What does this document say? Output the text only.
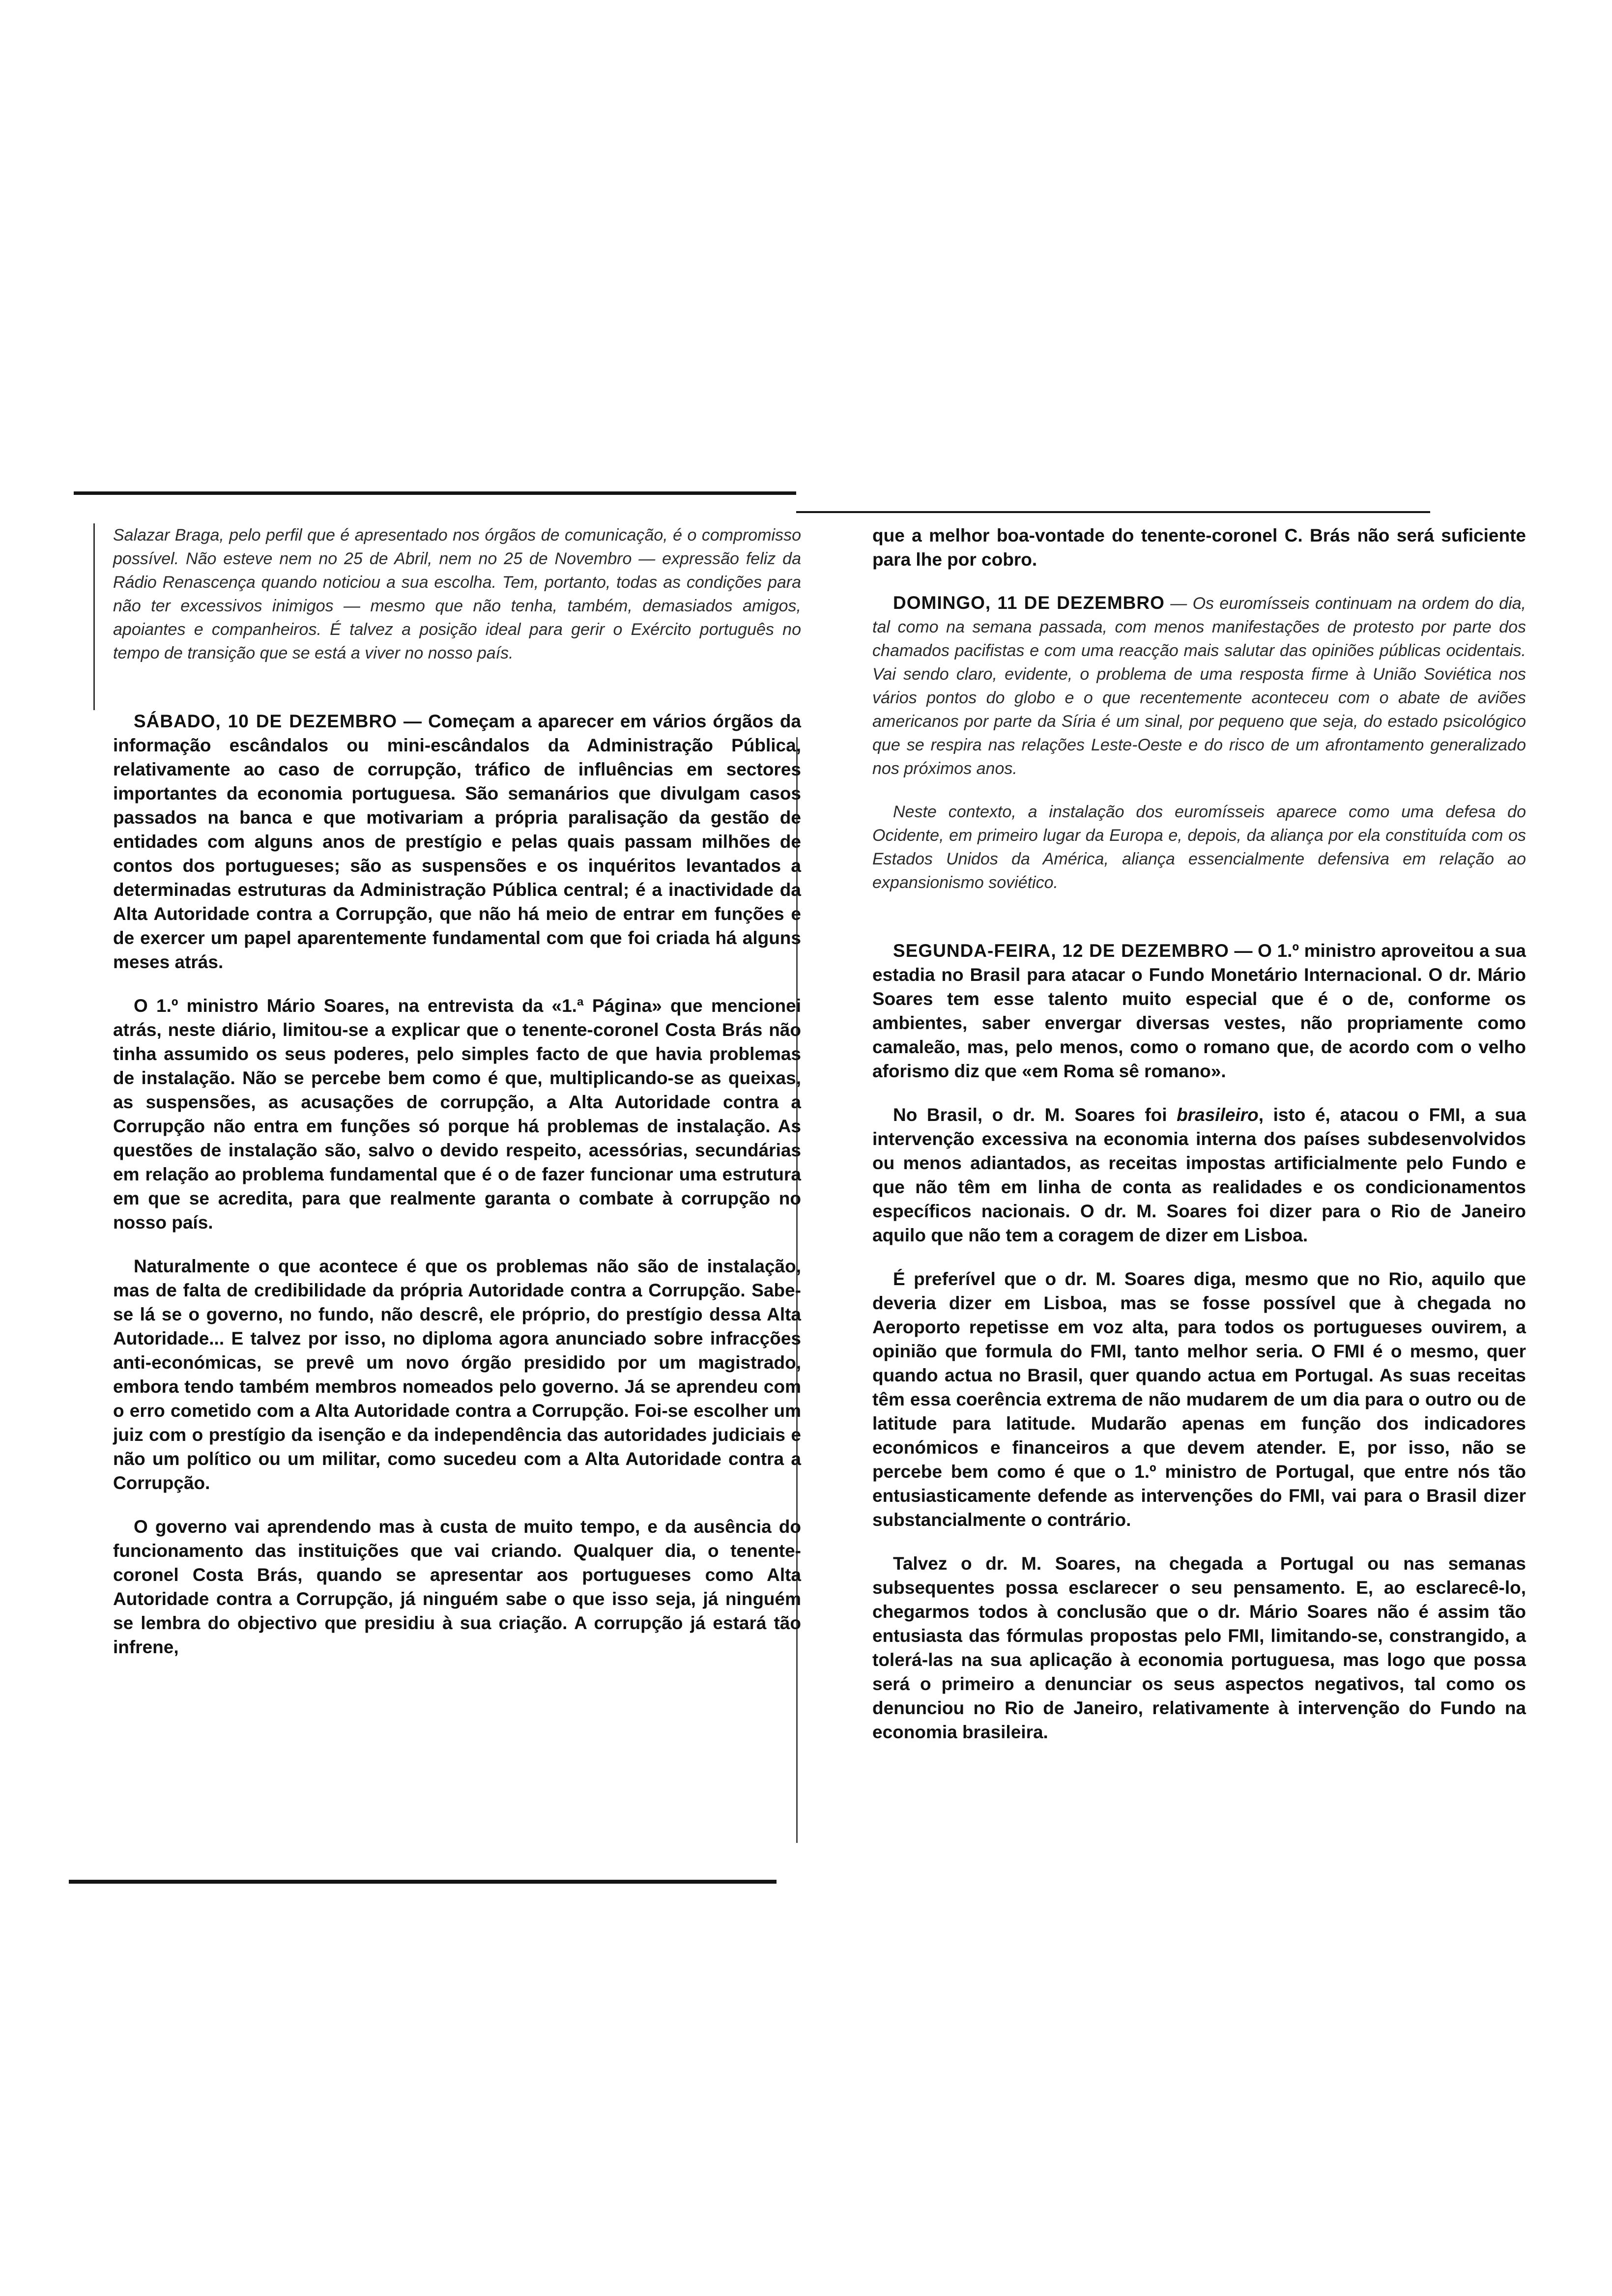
Salazar Braga, pelo perfil que é apresentado nos órgãos de comunicação, é o compromisso possível. Não esteve nem no 25 de Abril, nem no 25 de Novembro — expressão feliz da Rádio Renascença quando noticiou a sua escolha. Tem, portanto, todas as condições para não ter excessivos inimigos — mesmo que não tenha, também, demasiados amigos, apoiantes e companheiros. É talvez a posição ideal para gerir o Exército português no tempo de transição que se está a viver no nosso país.

SÁBADO, 10 DE DEZEMBRO — Começam a aparecer em vários órgãos da informação escândalos ou mini-escândalos da Administração Pública, relativamente ao caso de corrupção, tráfico de influências em sectores importantes da economia portuguesa. São semanários que divulgam casos passados na banca e que motivariam a própria paralisação da gestão de entidades com alguns anos de prestígio e pelas quais passam milhões de contos dos portugueses; são as suspensões e os inquéritos levantados a determinadas estruturas da Administração Pública central; é a inactividade da Alta Autoridade contra a Corrupção, que não há meio de entrar em funções e de exercer um papel aparentemente fundamental com que foi criada há alguns meses atrás.

O 1.º ministro Mário Soares, na entrevista da «1.ª Página» que mencionei atrás, neste diário, limitou-se a explicar que o tenente-coronel Costa Brás não tinha assumido os seus poderes, pelo simples facto de que havia problemas de instalação. Não se percebe bem como é que, multiplicando-se as queixas, as suspensões, as acusações de corrupção, a Alta Autoridade contra a Corrupção não entra em funções só porque há problemas de instalação. As questões de instalação são, salvo o devido respeito, acessórias, secundárias em relação ao problema fundamental que é o de fazer funcionar uma estrutura em que se acredita, para que realmente garanta o combate à corrupção no nosso país.

Naturalmente o que acontece é que os problemas não são de instalação, mas de falta de credibilidade da própria Autoridade contra a Corrupção. Sabe-se lá se o governo, no fundo, não descrê, ele próprio, do prestígio dessa Alta Autoridade... E talvez por isso, no diploma agora anunciado sobre infracções anti-económicas, se prevê um novo órgão presidido por um magistrado, embora tendo também membros nomeados pelo governo. Já se aprendeu com o erro cometido com a Alta Autoridade contra a Corrupção. Foi-se escolher um juiz com o prestígio da isenção e da independência das autoridades judiciais e não um político ou um militar, como sucedeu com a Alta Autoridade contra a Corrupção.

O governo vai aprendendo mas à custa de muito tempo, e da ausência do funcionamento das instituições que vai criando. Qualquer dia, o tenente-coronel Costa Brás, quando se apresentar aos portugueses como Alta Autoridade contra a Corrupção, já ninguém sabe o que isso seja, já ninguém se lembra do objectivo que presidiu à sua criação. A corrupção já estará tão infrene,

que a melhor boa-vontade do tenente-coronel C. Brás não será suficiente para lhe por cobro.

DOMINGO, 11 DE DEZEMBRO — Os euromísseis continuam na ordem do dia, tal como na semana passada, com menos manifestações de protesto por parte dos chamados pacifistas e com uma reacção mais salutar das opiniões públicas ocidentais. Vai sendo claro, evidente, o problema de uma resposta firme à União Soviética nos vários pontos do globo e o que recentemente aconteceu com o abate de aviões americanos por parte da Síria é um sinal, por pequeno que seja, do estado psicológico que se respira nas relações Leste-Oeste e do risco de um afrontamento generalizado nos próximos anos.

Neste contexto, a instalação dos euromísseis aparece como uma defesa do Ocidente, em primeiro lugar da Europa e, depois, da aliança por ela constituída com os Estados Unidos da América, aliança essencialmente defensiva em relação ao expansionismo soviético.

SEGUNDA-FEIRA, 12 DE DEZEMBRO — O 1.º ministro aproveitou a sua estadia no Brasil para atacar o Fundo Monetário Internacional. O dr. Mário Soares tem esse talento muito especial que é o de, conforme os ambientes, saber envergar diversas vestes, não propriamente como camaleão, mas, pelo menos, como o romano que, de acordo com o velho aforismo diz que «em Roma sê romano».

No Brasil, o dr. M. Soares foi brasileiro, isto é, atacou o FMI, a sua intervenção excessiva na economia interna dos países subdesenvolvidos ou menos adiantados, as receitas impostas artificialmente pelo Fundo e que não têm em linha de conta as realidades e os condicionamentos específicos nacionais. O dr. M. Soares foi dizer para o Rio de Janeiro aquilo que não tem a coragem de dizer em Lisboa.

É preferível que o dr. M. Soares diga, mesmo que no Rio, aquilo que deveria dizer em Lisboa, mas se fosse possível que à chegada no Aeroporto repetisse em voz alta, para todos os portugueses ouvirem, a opinião que formula do FMI, tanto melhor seria. O FMI é o mesmo, quer quando actua no Brasil, quer quando actua em Portugal. As suas receitas têm essa coerência extrema de não mudarem de um dia para o outro ou de latitude para latitude. Mudarão apenas em função dos indicadores económicos e financeiros a que devem atender. E, por isso, não se percebe bem como é que o 1.º ministro de Portugal, que entre nós tão entusiasticamente defende as intervenções do FMI, vai para o Brasil dizer substancialmente o contrário.

Talvez o dr. M. Soares, na chegada a Portugal ou nas semanas subsequentes possa esclarecer o seu pensamento. E, ao esclarecê-lo, chegarmos todos à conclusão que o dr. Mário Soares não é assim tão entusiasta das fórmulas propostas pelo FMI, limitando-se, constrangido, a tolerá-las na sua aplicação à economia portuguesa, mas logo que possa será o primeiro a denunciar os seus aspectos negativos, tal como os denunciou no Rio de Janeiro, relativamente à intervenção do Fundo na economia brasileira.
